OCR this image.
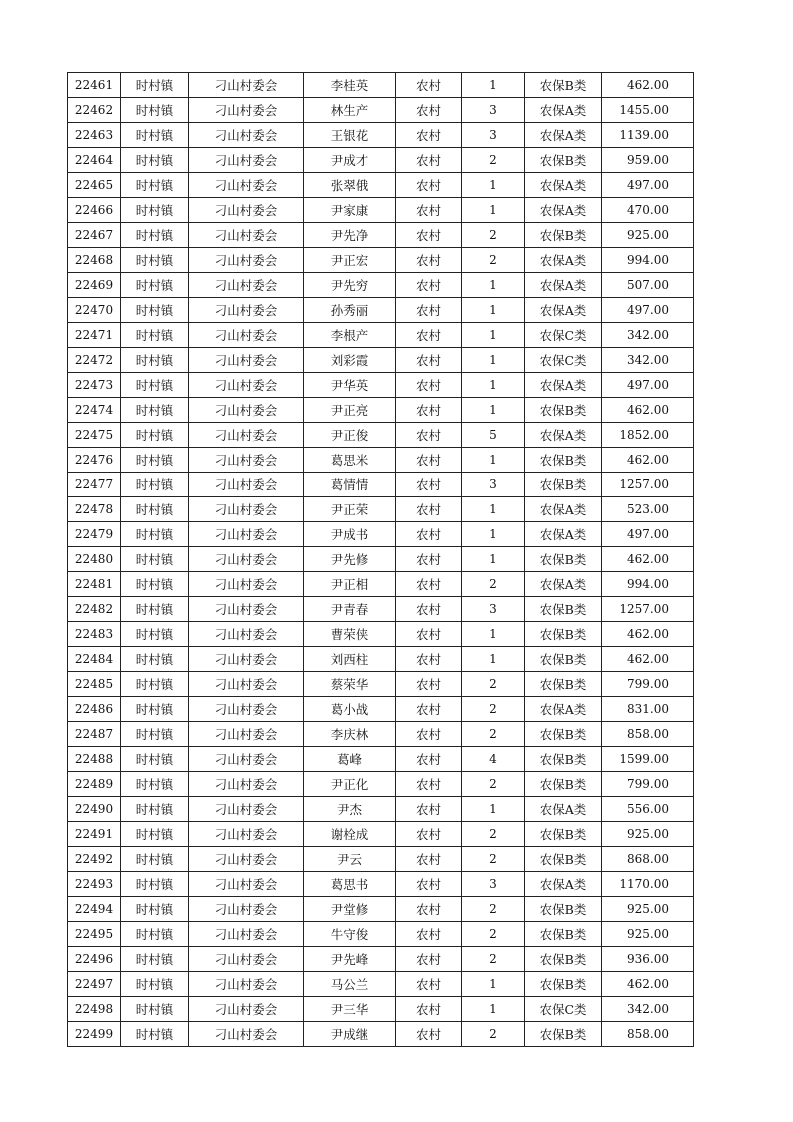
22461	时村镇	刁山村委会	李桂英	农村	1	农保B类	462.00
22462	时村镇	刁山村委会	林生产	农村	3	农保A类	1455.00
22463	时村镇	刁山村委会	王银花	农村	3	农保A类	1139.00
22464	时村镇	刁山村委会	尹成才	农村	2	农保B类	959.00
22465	时村镇	刁山村委会	张翠俄	农村	1	农保A类	497.00
22466	时村镇	刁山村委会	尹家康	农村	1	农保A类	470.00
22467	时村镇	刁山村委会	尹先净	农村	2	农保B类	925.00
22468	时村镇	刁山村委会	尹正宏	农村	2	农保A类	994.00
22469	时村镇	刁山村委会	尹先穷	农村	1	农保A类	507.00
22470	时村镇	刁山村委会	孙秀丽	农村	1	农保A类	497.00
22471	时村镇	刁山村委会	李根产	农村	1	农保C类	342.00
22472	时村镇	刁山村委会	刘彩霞	农村	1	农保C类	342.00
22473	时村镇	刁山村委会	尹华英	农村	1	农保A类	497.00
22474	时村镇	刁山村委会	尹正亮	农村	1	农保B类	462.00
22475	时村镇	刁山村委会	尹正俊	农村	5	农保A类	1852.00
22476	时村镇	刁山村委会	葛思米	农村	1	农保B类	462.00
22477	时村镇	刁山村委会	葛情情	农村	3	农保B类	1257.00
22478	时村镇	刁山村委会	尹正荣	农村	1	农保A类	523.00
22479	时村镇	刁山村委会	尹成书	农村	1	农保A类	497.00
22480	时村镇	刁山村委会	尹先修	农村	1	农保B类	462.00
22481	时村镇	刁山村委会	尹正相	农村	2	农保A类	994.00
22482	时村镇	刁山村委会	尹青春	农村	3	农保B类	1257.00
22483	时村镇	刁山村委会	曹荣侠	农村	1	农保B类	462.00
22484	时村镇	刁山村委会	刘西柱	农村	1	农保B类	462.00
22485	时村镇	刁山村委会	蔡荣华	农村	2	农保B类	799.00
22486	时村镇	刁山村委会	葛小战	农村	2	农保A类	831.00
22487	时村镇	刁山村委会	李庆林	农村	2	农保B类	858.00
22488	时村镇	刁山村委会	葛峰	农村	4	农保B类	1599.00
22489	时村镇	刁山村委会	尹正化	农村	2	农保B类	799.00
22490	时村镇	刁山村委会	尹杰	农村	1	农保A类	556.00
22491	时村镇	刁山村委会	谢栓成	农村	2	农保B类	925.00
22492	时村镇	刁山村委会	尹云	农村	2	农保B类	868.00
22493	时村镇	刁山村委会	葛思书	农村	3	农保A类	1170.00
22494	时村镇	刁山村委会	尹堂修	农村	2	农保B类	925.00
22495	时村镇	刁山村委会	牛守俊	农村	2	农保B类	925.00
22496	时村镇	刁山村委会	尹先峰	农村	2	农保B类	936.00
22497	时村镇	刁山村委会	马公兰	农村	1	农保B类	462.00
22498	时村镇	刁山村委会	尹三华	农村	1	农保C类	342.00
22499	时村镇	刁山村委会	尹成继	农村	2	农保B类	858.00
